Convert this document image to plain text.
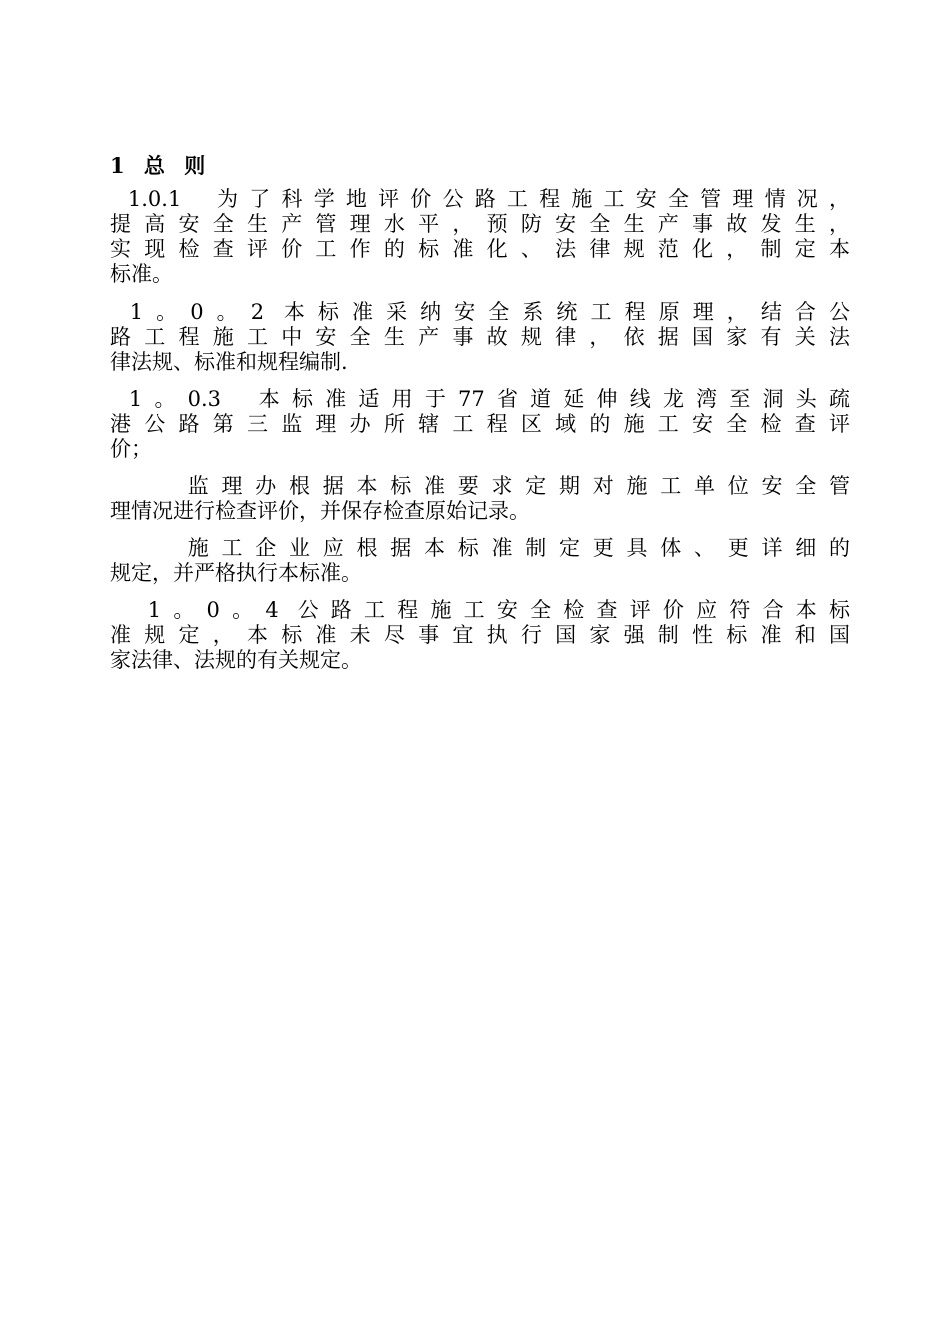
1 总 则
1.0.1  为了科学地评价公路工程施工安全管理情况，
提高安全生产管理水平，预防安全生产事故发生，
实现检查评价工作的标准化、法律规范化，制定本
标准。
1。0。2 本标准采纳安全系统工程原理，结合公
路工程施工中安全生产事故规律，依据国家有关法
律法规、标准和规程编制.
1。0.3  本标准适用于77省道延伸线龙湾至洞头疏
港公路第三监理办所辖工程区域的施工安全检查评
价；
监理办根据本标准要求定期对施工单位安全管
理情况进行检查评价，并保存检查原始记录。
施工企业应根据本标准制定更具体、更详细的
规定，并严格执行本标准。
1。0。4 公路工程施工安全检查评价应符合本标
准规定，本标准未尽事宜执行国家强制性标准和国
家法律、法规的有关规定。
